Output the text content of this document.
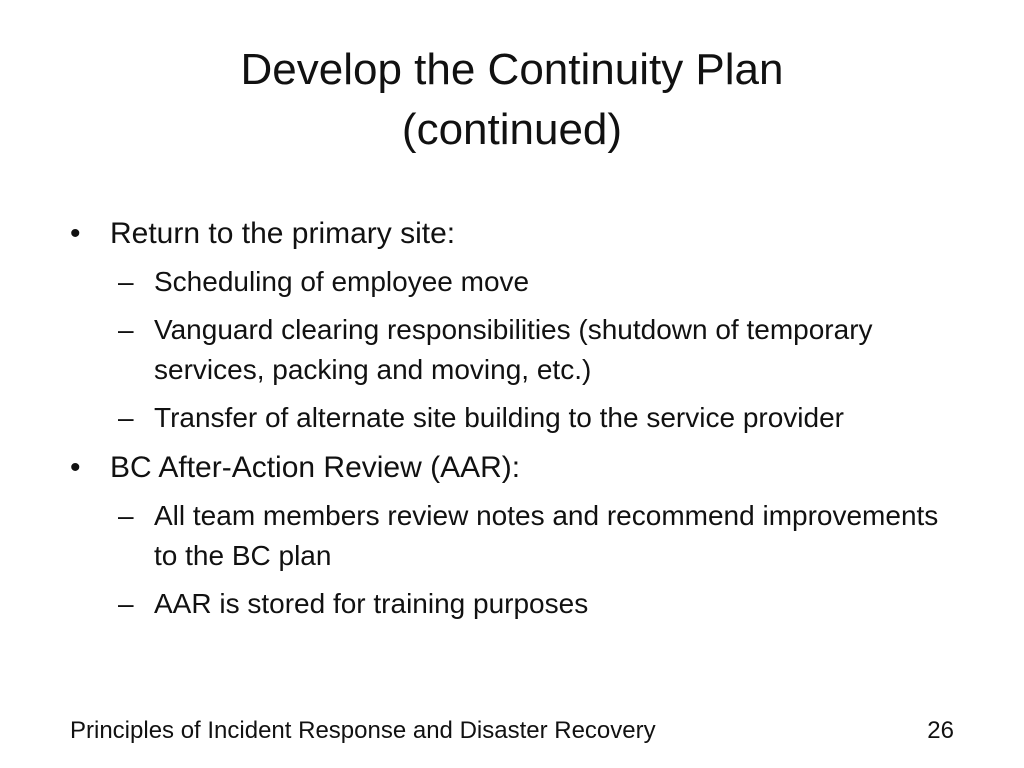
Develop the Continuity Plan
(continued)

• Return to the primary site:

– Scheduling of employee move

– Vanguard clearing responsibilities (shutdown of temporary services, packing and moving, etc.)

– Transfer of alternate site building to the service provider

• BC After-Action Review (AAR):

– All team members review notes and recommend improvements to the BC plan

– AAR is stored for training purposes

Principles of Incident Response and Disaster Recovery	26
